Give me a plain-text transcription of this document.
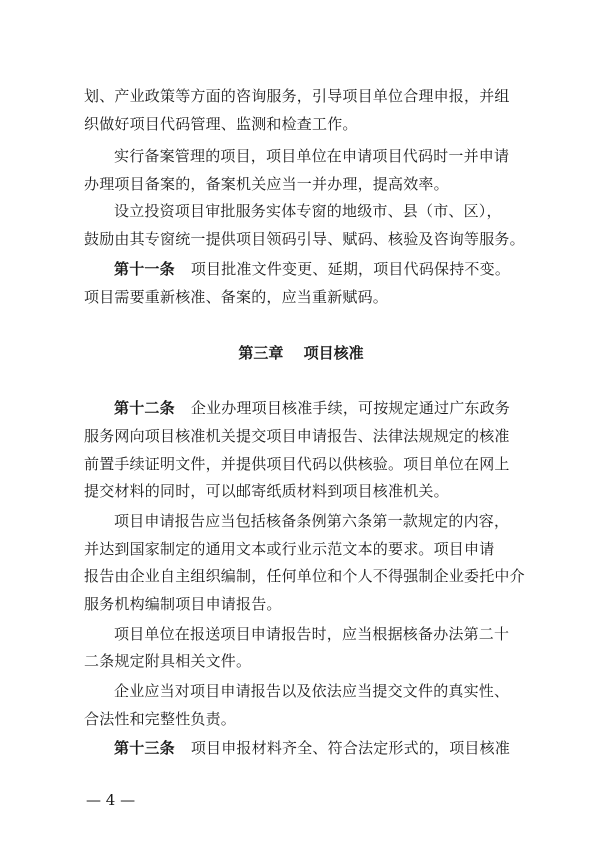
划、产业政策等方面的咨询服务，引导项目单位合理申报，并组
织做好项目代码管理、监测和检查工作。
实行备案管理的项目，项目单位在申请项目代码时一并申请
办理项目备案的，备案机关应当一并办理，提高效率。
设立投资项目审批服务实体专窗的地级市、县（市、区），
鼓励由其专窗统一提供项目领码引导、赋码、核验及咨询等服务。
第十一条 项目批准文件变更、延期，项目代码保持不变。
项目需要重新核准、备案的，应当重新赋码。
第三章　 项目核准
第十二条 企业办理项目核准手续，可按规定通过广东政务
服务网向项目核准机关提交项目申请报告、法律法规规定的核准
前置手续证明文件，并提供项目代码以供核验。项目单位在网上
提交材料的同时，可以邮寄纸质材料到项目核准机关。
项目申请报告应当包括核备条例第六条第一款规定的内容，
并达到国家制定的通用文本或行业示范文本的要求。项目申请
报告由企业自主组织编制，任何单位和个人不得强制企业委托中介
服务机构编制项目申请报告。
项目单位在报送项目申请报告时，应当根据核备办法第二十
二条规定附具相关文件。
企业应当对项目申请报告以及依法应当提交文件的真实性、
合法性和完整性负责。
第十三条 项目申报材料齐全、符合法定形式的，项目核准
— 4 —
